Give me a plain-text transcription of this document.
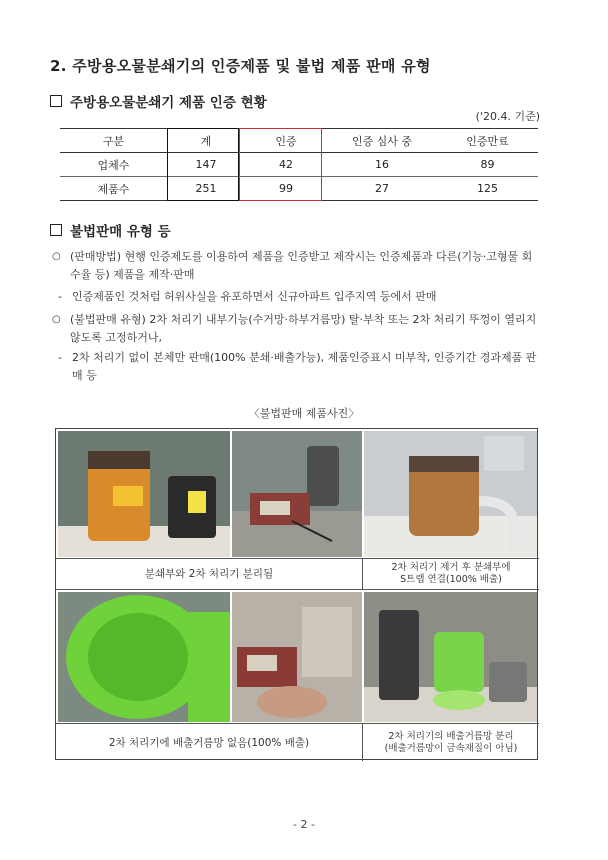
2. 주방용오물분쇄기의 인증제품 및 불법 제품 판매 유형
주방용오물분쇄기 제품 인증 현황
('20.4. 기준)
구분	계	인증	인증 심사 중	인증만료
업체수	147	42	16	89
제품수	251	99	27	125
불법판매 유형 등
○ (판매방법) 현행 인증제도를 이용하여 제품을 인증받고 제작시는 인증제품과 다른(기능·고형물 회수율 등) 제품을 제작·판매
- 인증제품인 것처럼 허위사실을 유포하면서 신규아파트 입주지역 등에서 판매
○ (불법판매 유형) 2차 처리기 내부기능(수거망·하부거름망) 탈·부착 또는 2차 처리기 뚜껑이 열리지 않도록 고정하거나,
- 2차 처리기 없이 본체만 판매(100% 분쇄·배출가능), 제품인증표시 미부착, 인증기간 경과제품 판매 등
〈불법판매 제품사진〉
분쇄부와 2차 처리기 분리됨
2차 처리기 제거 후 분쇄부에
S트랩 연결(100% 배출)
2차 처리기에 배출거름망 없음(100% 배출)
2차 처리기의 배출거름망 분리
(배출거름망이 금속재질이 아님)
- 2 -
